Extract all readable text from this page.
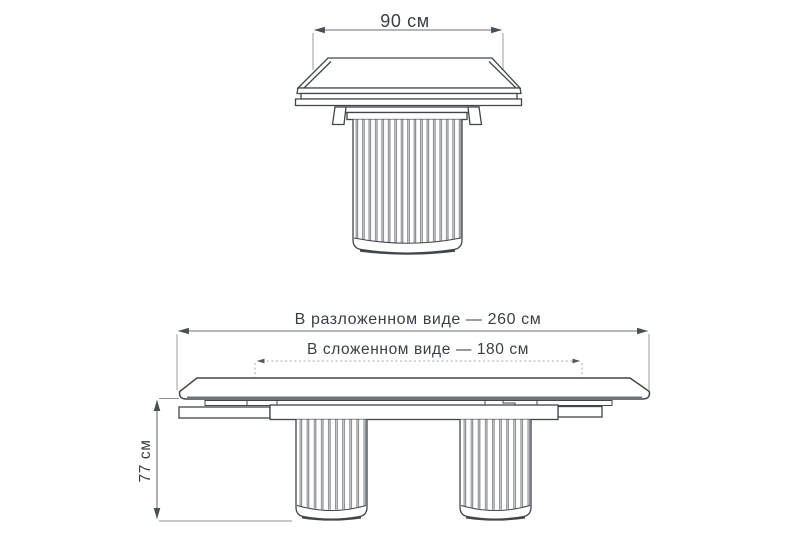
90 см
В разложенном виде — 260 см
В сложенном виде — 180 см
77 см
